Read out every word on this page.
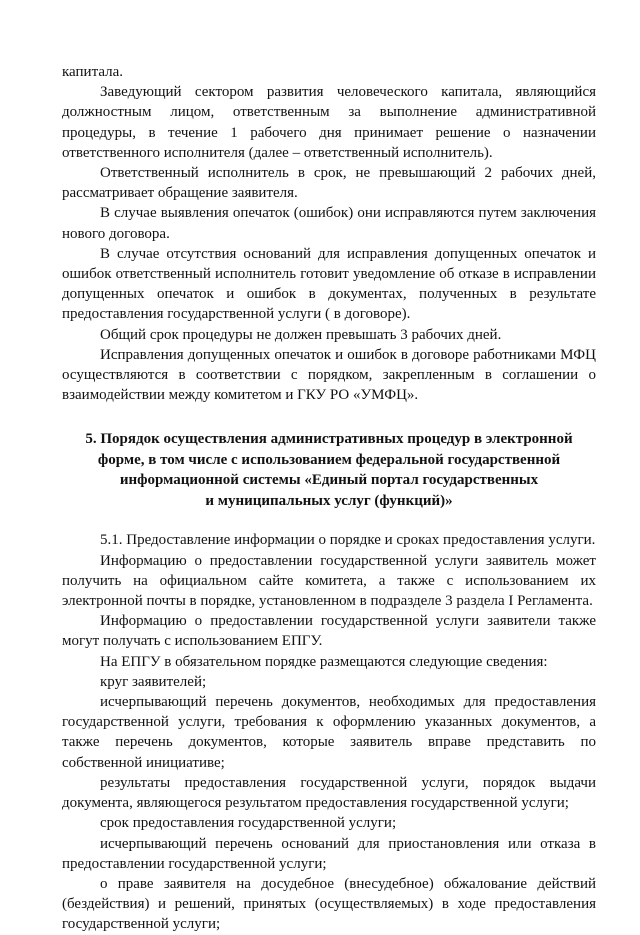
капитала.

Заведующий сектором развития человеческого капитала, являющийся должностным лицом, ответственным за выполнение административной процедуры, в течение 1 рабочего дня принимает решение о назначении ответственного исполнителя (далее – ответственный исполнитель).

Ответственный исполнитель в срок, не превышающий 2 рабочих дней, рассматривает обращение заявителя.

В случае выявления опечаток (ошибок) они исправляются путем заключения нового договора.

В случае отсутствия оснований для исправления допущенных опечаток и ошибок ответственный исполнитель готовит уведомление об отказе в исправлении допущенных опечаток и ошибок в документах, полученных в результате предоставления государственной услуги ( в договоре).

Общий срок процедуры не должен превышать 3 рабочих дней.

Исправления допущенных опечаток и ошибок в договоре работниками МФЦ осуществляются в соответствии с порядком, закрепленным в соглашении о взаимодействии между комитетом и ГКУ РО «УМФЦ».

5. Порядок осуществления административных процедур в электронной
форме, в том числе с использованием федеральной государственной
информационной системы «Единый портал государственных
и муниципальных услуг (функций)»

5.1. Предоставление информации о порядке и сроках предоставления услуги.

Информацию о предоставлении государственной услуги заявитель может получить на официальном сайте комитета, а также с использованием их электронной почты в порядке, установленном в подразделе 3 раздела I Регламента.

Информацию о предоставлении государственной услуги заявители также могут получать с использованием ЕПГУ.

На ЕПГУ в обязательном порядке размещаются следующие сведения:

круг заявителей;

исчерпывающий перечень документов, необходимых для предоставления государственной услуги, требования к оформлению указанных документов, а также перечень документов, которые заявитель вправе представить по собственной инициативе;

результаты предоставления государственной услуги, порядок выдачи документа, являющегося результатом предоставления государственной услуги;

срок предоставления государственной услуги;

исчерпывающий перечень оснований для приостановления или отказа в предоставлении государственной услуги;

о праве заявителя на досудебное (внесудебное) обжалование действий (бездействия) и решений, принятых (осуществляемых) в ходе предоставления государственной услуги;
